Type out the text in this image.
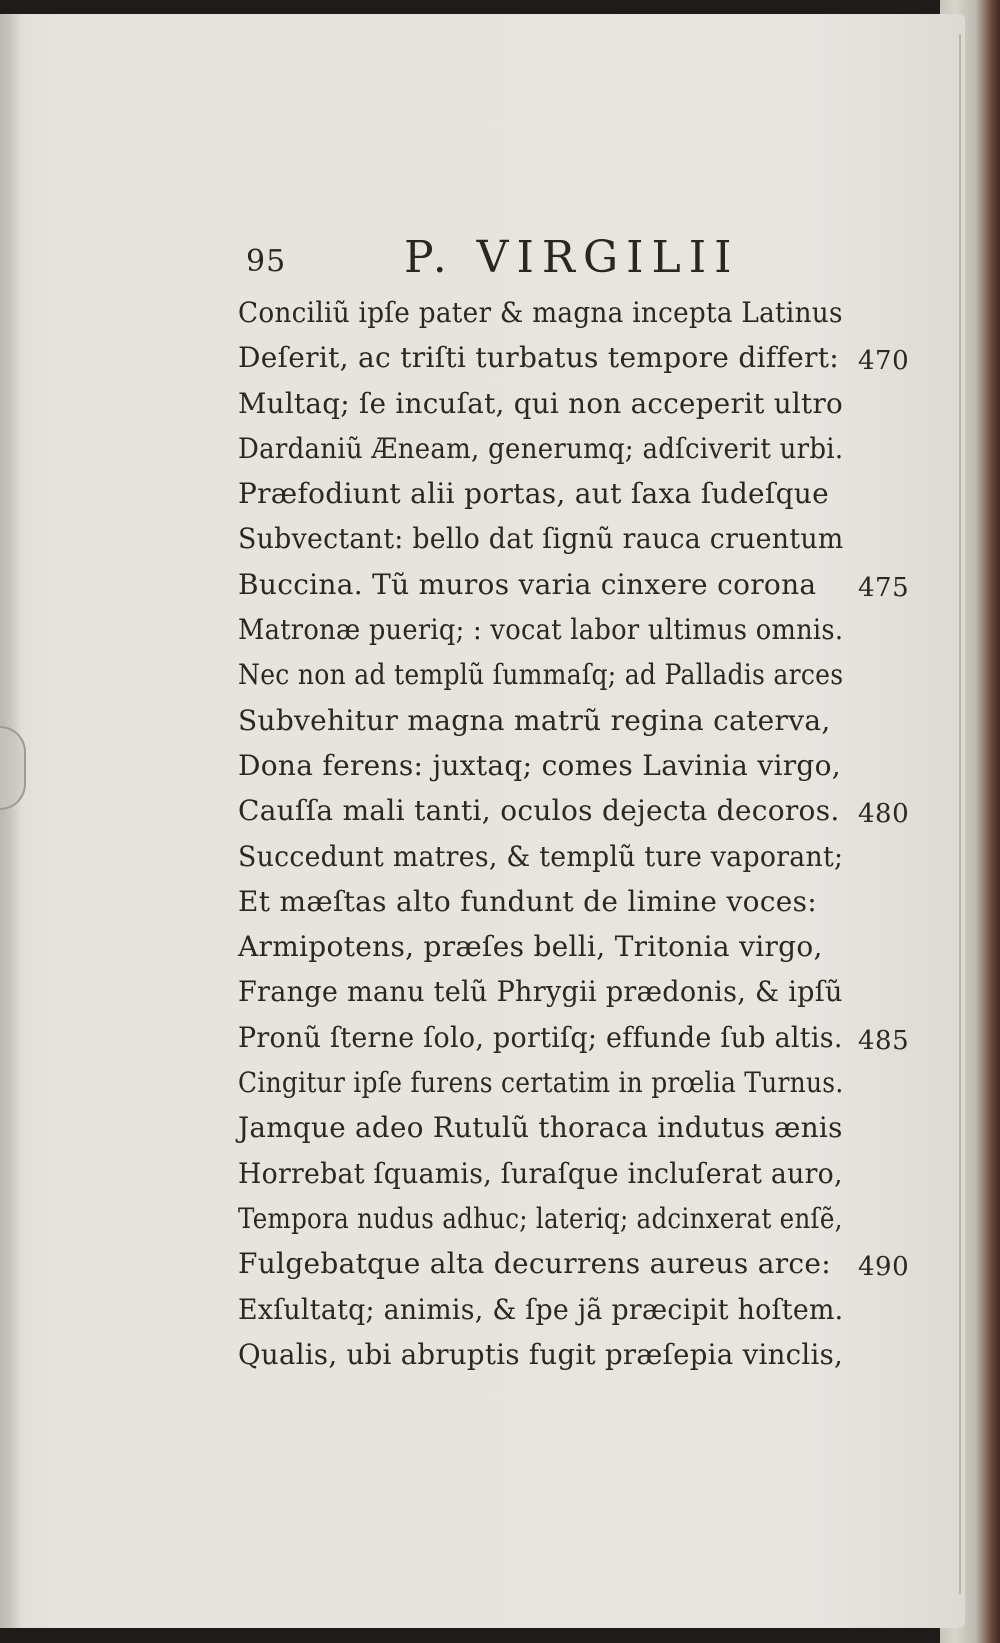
95	P. VIRGILII
Conciliũ ipſe pater & magna incepta Latinus
Deſerit, ac triſti turbatus tempore differt: 470
Multaq; ſe incuſat, qui non acceperit ultro
Dardaniũ Æneam, generumq; adſciverit urbi.
Præfodiunt alii portas, aut ſaxa ſudeſque
Subvectant: bello dat ſignũ rauca cruentum
Buccina. Tũ muros varia cinxere corona 475
Matronæ pueriq; : vocat labor ultimus omnis.
Nec non ad templũ ſummaſq; ad Palladis arces
Subvehitur magna matrũ regina caterva,
Dona ferens: juxtaq; comes Lavinia virgo,
Cauſſa mali tanti, oculos dejecta decoros. 480
Succedunt matres, & templũ ture vaporant;
Et mæſtas alto fundunt de limine voces:
Armipotens, præſes belli, Tritonia virgo,
Frange manu telũ Phrygii prædonis, & ipſũ
Pronũ ſterne ſolo, portiſq; effunde ſub altis. 485
Cingitur ipſe furens certatim in prœlia Turnus.
Jamque adeo Rutulũ thoraca indutus ænis
Horrebat ſquamis, ſuraſque incluſerat auro,
Tempora nudus adhuc; lateriq; adcinxerat enſẽ,
Fulgebatque alta decurrens aureus arce: 490
Exſultatq; animis, & ſpe jã præcipit hoſtem.
Qualis, ubi abruptis fugit præſepia vinclis,
